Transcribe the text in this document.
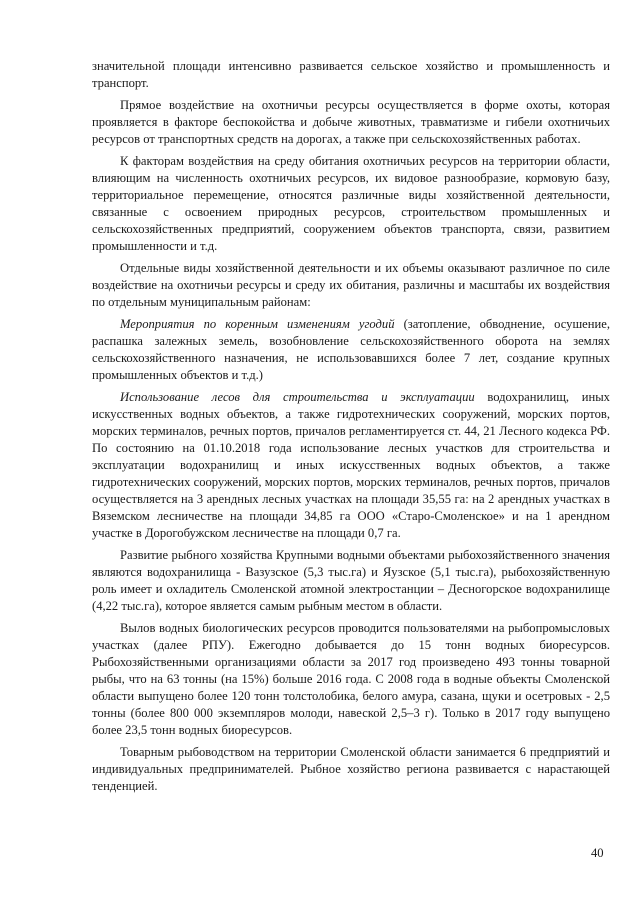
значительной площади интенсивно развивается сельское хозяйство и промышленность и транспорт.

Прямое воздействие на охотничьи ресурсы осуществляется в форме охоты, которая проявляется в факторе беспокойства и добыче животных, травматизме и гибели охотничьих ресурсов от транспортных средств на дорогах, а также при сельскохозяйственных работах.

К факторам воздействия на среду обитания охотничьих ресурсов на территории области, влияющим на численность охотничьих ресурсов, их видовое разнообразие, кормовую базу, территориальное перемещение, относятся различные виды хозяйственной деятельности, связанные с освоением природных ресурсов, строительством промышленных и сельскохозяйственных предприятий, сооружением объектов транспорта, связи, развитием промышленности и т.д.

Отдельные виды хозяйственной деятельности и их объемы оказывают различное по силе воздействие на охотничьи ресурсы и среду их обитания, различны и масштабы их воздействия по отдельным муниципальным районам:

Мероприятия по коренным изменениям угодий (затопление, обводнение, осушение, распашка залежных земель, возобновление сельскохозяйственного оборота на землях сельскохозяйственного назначения, не использовавшихся более 7 лет, создание крупных промышленных объектов и т.д.)

Использование лесов для строительства и эксплуатации водохранилищ, иных искусственных водных объектов, а также гидротехнических сооружений, морских портов, морских терминалов, речных портов, причалов регламентируется ст. 44, 21 Лесного кодекса РФ. По состоянию на 01.10.2018 года использование лесных участков для строительства и эксплуатации водохранилищ и иных искусственных водных объектов, а также гидротехнических сооружений, морских портов, морских терминалов, речных портов, причалов осуществляется на 3 арендных лесных участках на площади 35,55 га: на 2 арендных участках в Вяземском лесничестве на площади 34,85 га ООО «Старо-Смоленское» и на 1 арендном участке в Дорогобужском лесничестве на площади 0,7 га.

Развитие рыбного хозяйства Крупными водными объектами рыбохозяйственного значения являются водохранилища - Вазузское (5,3 тыс.га) и Яузское (5,1 тыс.га), рыбохозяйственную роль имеет и охладитель Смоленской атомной электростанции – Десногорское водохранилище (4,22 тыс.га), которое является самым рыбным местом в области.

Вылов водных биологических ресурсов проводится пользователями на рыбопромысловых участках (далее РПУ). Ежегодно добывается до 15 тонн водных биоресурсов. Рыбохозяйственными организациями области за 2017 год произведено 493 тонны товарной рыбы, что на 63 тонны (на 15%) больше 2016 года. С 2008 года в водные объекты Смоленской области выпущено более 120 тонн толстолобика, белого амура, сазана, щуки и осетровых - 2,5 тонны (более 800 000 экземпляров молоди, навеской 2,5–3 г). Только в 2017 году выпущено более 23,5 тонн водных биоресурсов.

Товарным рыбоводством на территории Смоленской области занимается 6 предприятий и индивидуальных предпринимателей. Рыбное хозяйство региона развивается с нарастающей тенденцией.

40
